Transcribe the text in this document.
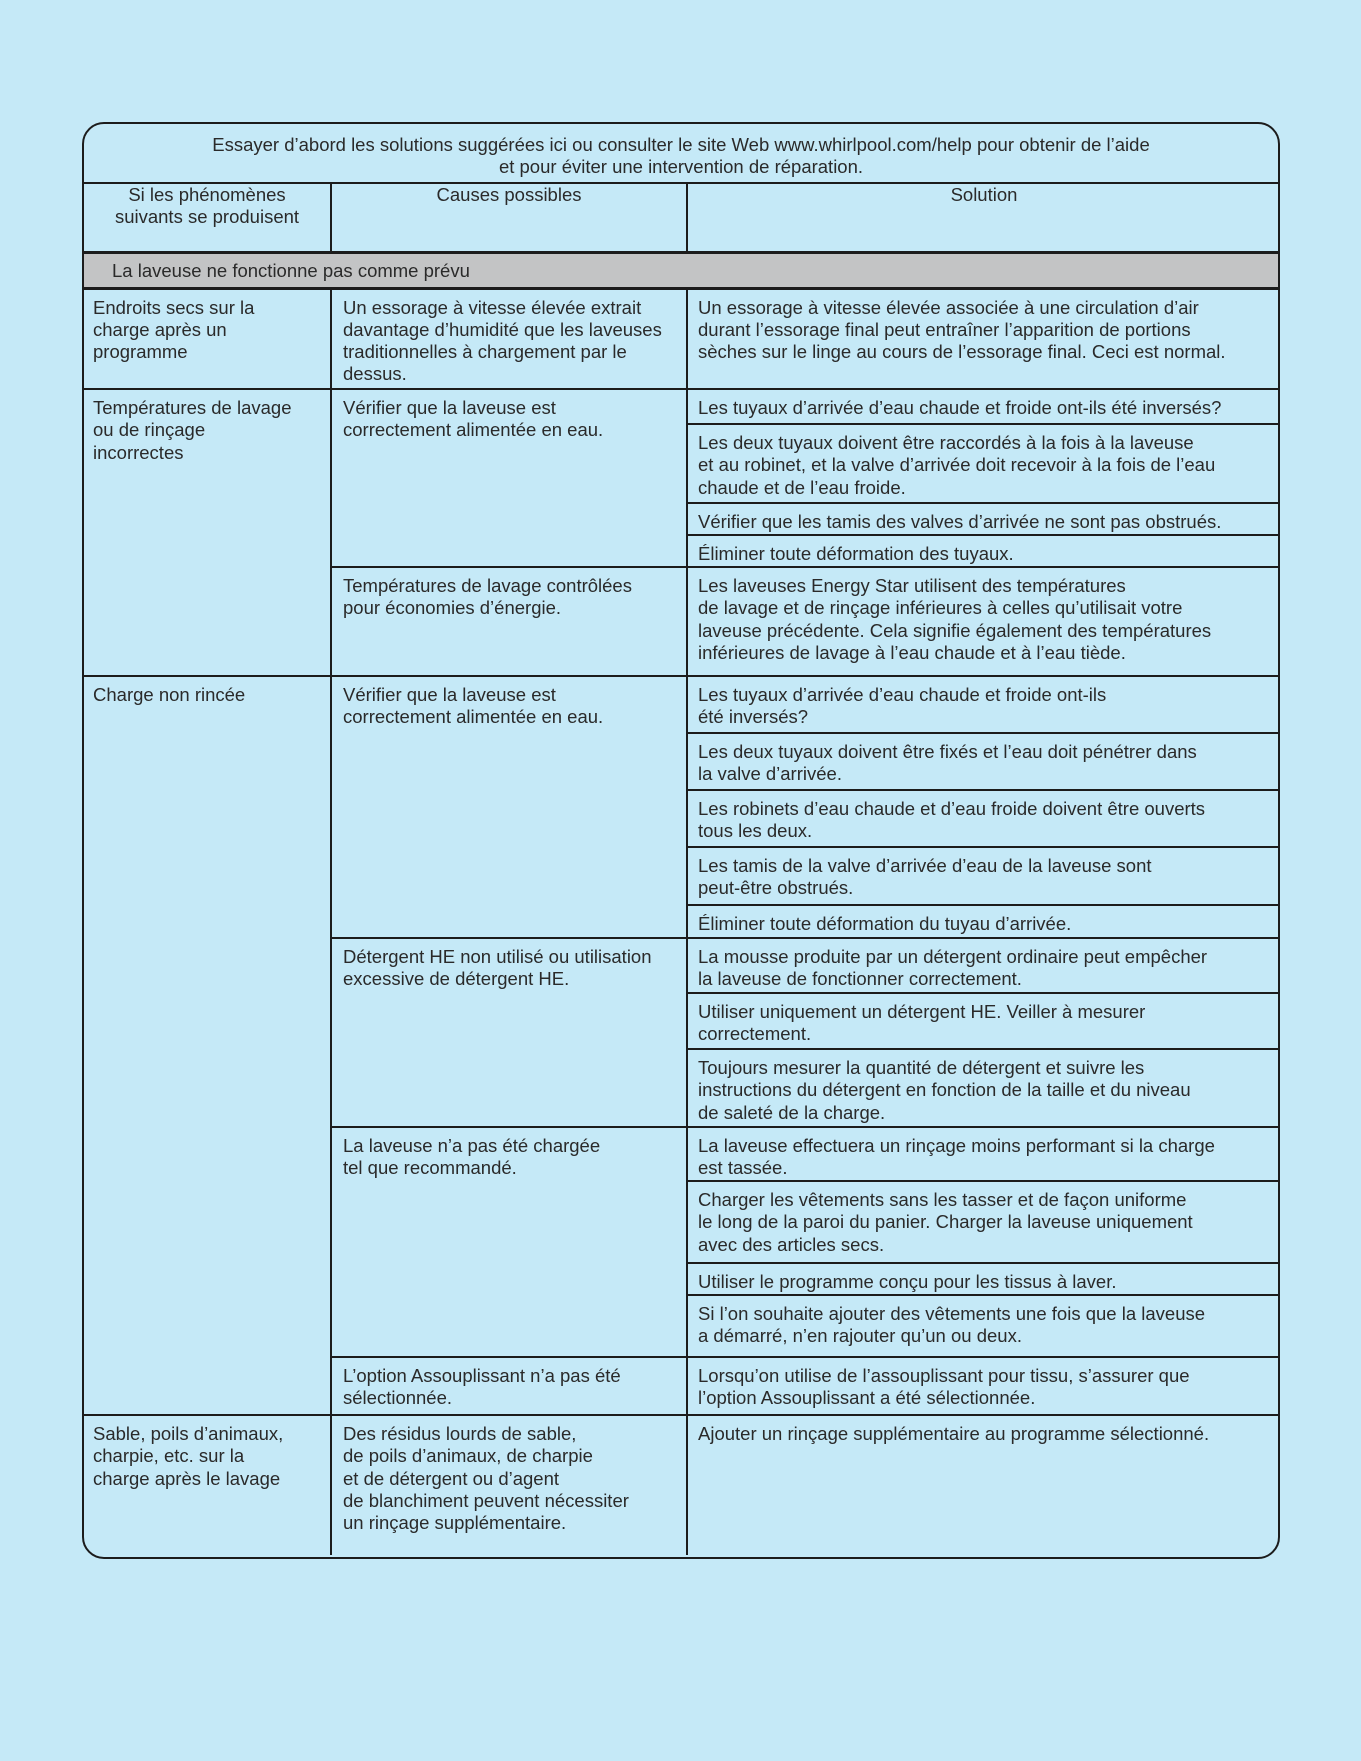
Essayer d’abord les solutions suggérées ici ou consulter le site Web www.whirlpool.com/help pour obtenir de l’aide
et pour éviter une intervention de réparation.
Si les phénomènes
suivants se produisent	Causes possibles	Solution
La laveuse ne fonctionne pas comme prévu		

Endroits secs sur la
charge après un
programme	Un essorage à vitesse élevée extrait
davantage d’humidité que les laveuses
traditionnelles à chargement par le
dessus.	Un essorage à vitesse élevée associée à une circulation d’air
durant l’essorage final peut entraîner l’apparition de portions
sèches sur le linge au cours de l’essorage final. Ceci est normal.

Températures de lavage
ou de rinçage
incorrectes	Vérifier que la laveuse est
correctement alimentée en eau.	Les tuyaux d’arrivée d’eau chaude et froide ont-ils été inversés?

		Les deux tuyaux doivent être raccordés à la fois à la laveuse
et au robinet, et la valve d’arrivée doit recevoir à la fois de l’eau
chaude et de l’eau froide.

		Vérifier que les tamis des valves d’arrivée ne sont pas obstrués.

		Éliminer toute déformation des tuyaux.

	Températures de lavage contrôlées
pour économies d’énergie.	Les laveuses Energy Star utilisent des températures
de lavage et de rinçage inférieures à celles qu’utilisait votre
laveuse précédente. Cela signifie également des températures
inférieures de lavage à l’eau chaude et à l’eau tiède.

Charge non rincée	Vérifier que la laveuse est
correctement alimentée en eau.	Les tuyaux d’arrivée d’eau chaude et froide ont-ils
été inversés?

		Les deux tuyaux doivent être fixés et l’eau doit pénétrer dans
la valve d’arrivée.

		Les robinets d’eau chaude et d’eau froide doivent être ouverts
tous les deux.

		Les tamis de la valve d’arrivée d’eau de la laveuse sont
peut-être obstrués.

		Éliminer toute déformation du tuyau d’arrivée.

	Détergent HE non utilisé ou utilisation
excessive de détergent HE.	La mousse produite par un détergent ordinaire peut empêcher
la laveuse de fonctionner correctement.

		Utiliser uniquement un détergent HE. Veiller à mesurer
correctement.

		Toujours mesurer la quantité de détergent et suivre les
instructions du détergent en fonction de la taille et du niveau
de saleté de la charge.

	La laveuse n’a pas été chargée
tel que recommandé.	La laveuse effectuera un rinçage moins performant si la charge
est tassée.

		Charger les vêtements sans les tasser et de façon uniforme
le long de la paroi du panier. Charger la laveuse uniquement
avec des articles secs.

		Utiliser le programme conçu pour les tissus à laver.

		Si l’on souhaite ajouter des vêtements une fois que la laveuse
a démarré, n’en rajouter qu’un ou deux.

	L’option Assouplissant n’a pas été
sélectionnée.	Lorsqu’on utilise de l’assouplissant pour tissu, s’assurer que
l’option Assouplissant a été sélectionnée.

Sable, poils d’animaux,
charpie, etc. sur la
charge après le lavage	Des résidus lourds de sable,
de poils d’animaux, de charpie
et de détergent ou d’agent
de blanchiment peuvent nécessiter
un rinçage supplémentaire.	Ajouter un rinçage supplémentaire au programme sélectionné.
